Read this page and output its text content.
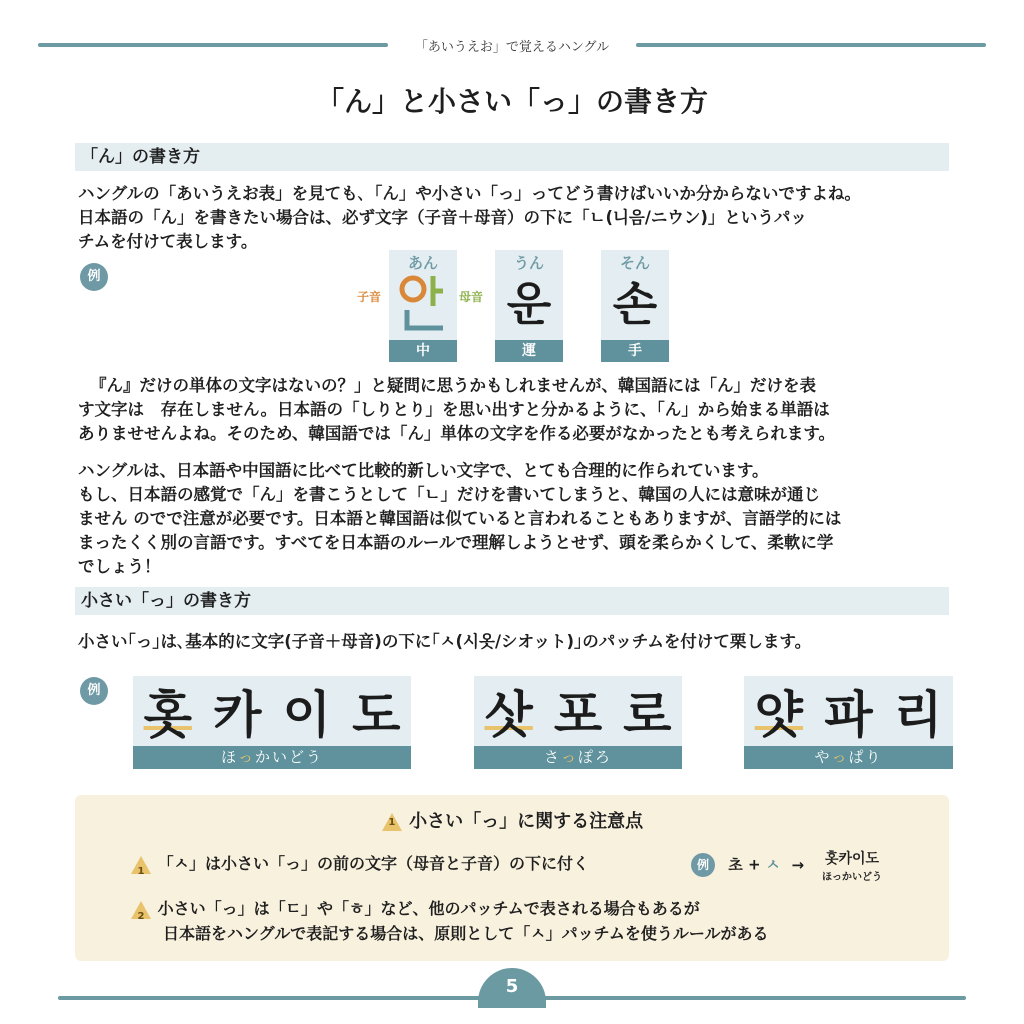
「あいうえお」で覚えるハングル
「ん」と小さい「っ」の書き方
「ん」の書き方
ハングルの「あいうえお表」を見ても､「ん」や小さい「っ」ってどう書けばいいか分からないですよね。
日本語の「ん」を書きたい場合は、必ず文字（子音＋母音）の下に「ㄴ(니음/ニウン)」というパッ
チムを付けて表します。
例
子音	母音
あん
中
うん
운
運
そん
손
手
『ん』だけの単体の文字はないの？」と疑問に思うかもしれませんが、韓国語には「ん」だけを表
す文字は　存在しません。日本語の「しりとり」を思い出すと分かるように、「ん」から始まる単語は
ありませせんよね。そのため、韓国語では「ん」単体の文字を作る必要がなかったとも考えられます。
ハングルは、日本語や中国語に比べて比較的新しい文字で、とても合理的に作られています。
もし、日本語の感覚で「ん」を書こうとして「ㄴ」だけを書いてしまうと、韓国の人には意味が通じ
ません のでで注意が必要です。日本語と韓国語は似ていると言われることもありますが、言語学的には
まったくく別の言語です。すべてを日本語のルールで理解しようとせず、頭を柔らかくして、柔軟に学
でしょう！
小さい「っ」の書き方
小さい｢っ｣は､基本的に文字(子音＋母音)の下に｢ㅅ(시옷/シオット)｣のパッチムを付けて栗します。
例 홋 카 이 도
ほっかいどう
삿 포 로
さっぽろ
얏 파 리
やっぱり
1 小さい「っ」に関する注意点
1 「ㅅ」は小さい「っ」の前の文字（母音と子音）の下に付く	例 초 + ㅅ →	홋카이도
ほっかいどう
2 小さい「っ」は「ㄷ」や「ㅎ」など、他のパッチムで表される場合もあるが
日本語をハングルで表記する場合は、原則として「ㅅ」パッチムを使うルールがある
5
